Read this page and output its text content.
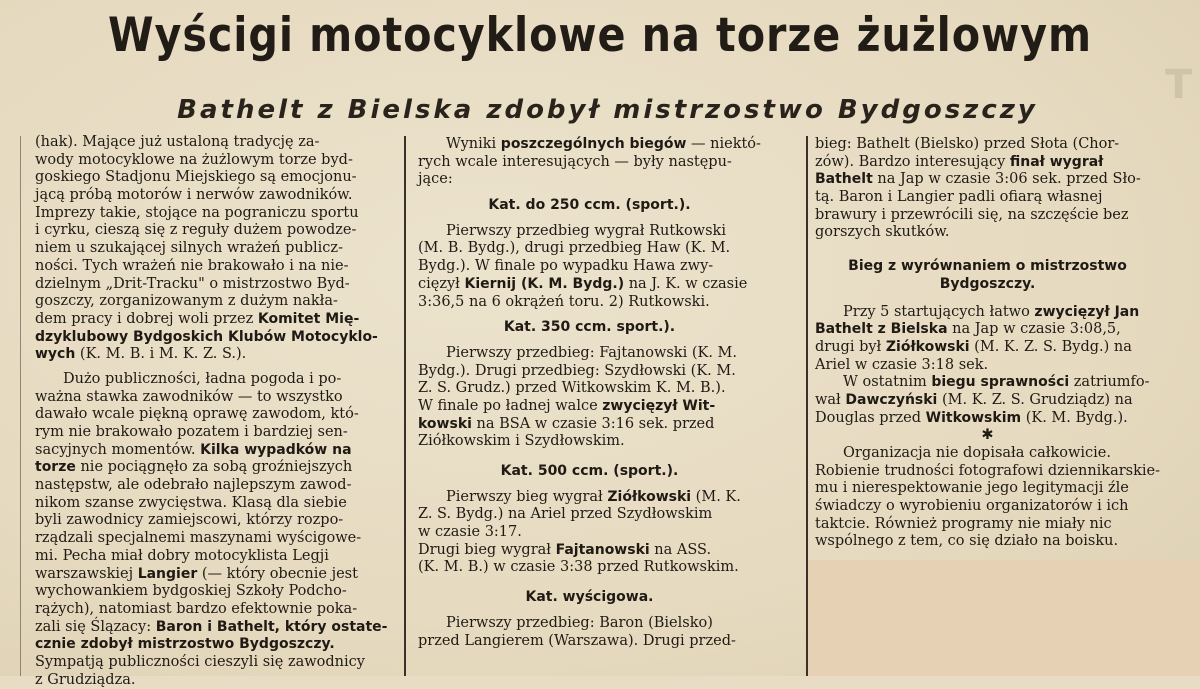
T
Wyścigi motocyklowe na torze żużlowym
Bathelt z Bielska zdobył mistrzostwo Bydgoszczy
(hak). Mające już ustaloną tradycję za-
wody motocyklowe na żużlowym torze byd-
goskiego Stadjonu Miejskiego są emocjonu-
jącą próbą motorów i nerwów zawodników.
Imprezy takie, stojące na pograniczu sportu
i cyrku, cieszą się z reguły dużem powodze-
niem u szukającej silnych wrażeń publicz-
ności. Tych wrażeń nie brakowało i na nie-
dzielnym „Drit-Tracku" o mistrzostwo Byd-
goszczy, zorganizowanym z dużym nakła-
dem pracy i dobrej woli przez Komitet Mię-
dzyklubowy Bydgoskich Klubów Motocyklo-
wych (K. M. B. i M. K. Z. S.).
Dużo publiczności, ładna pogoda i po-
ważna stawka zawodników — to wszystko
dawało wcale piękną oprawę zawodom, któ-
rym nie brakowało pozatem i bardziej sen-
sacyjnych momentów. Kilka wypadków na
torze nie pociągnęło za sobą groźniejszych
następstw, ale odebrało najlepszym zawod-
nikom szanse zwycięstwa. Klasą dla siebie
byli zawodnicy zamiejscowi, którzy rozpo-
rządzali specjalnemi maszynami wyścigowe-
mi. Pecha miał dobry motocyklista Legji
warszawskiej Langier (— który obecnie jest
wychowankiem bydgoskiej Szkoły Podcho-
rążych), natomiast bardzo efektownie poka-
zali się Ślązacy: Baron i Bathelt, który ostate-
cznie zdobył mistrzostwo Bydgoszczy.
Sympatją publiczności cieszyli się zawodnicy
z Grudziądza.
Wyniki poszczególnych biegów — niektó-
rych wcale interesujących — były następu-
jące:
Kat. do 250 ccm. (sport.).
Pierwszy przedbieg wygrał Rutkowski
(M. B. Bydg.), drugi przedbieg Haw (K. M.
Bydg.). W finale po wypadku Hawa zwy-
cięzył Kiernij (K. M. Bydg.) na J. K. w czasie
3:36,5 na 6 okrążeń toru. 2) Rutkowski.
Kat. 350 ccm. sport.).
Pierwszy przedbieg: Fajtanowski (K. M.
Bydg.). Drugi przedbieg: Szydłowski (K. M.
Z. S. Grudz.) przed Witkowskim K. M. B.).
W finale po ładnej walce zwycięzył Wit-
kowski na BSA w czasie 3:16 sek. przed
Ziółkowskim i Szydłowskim.
Kat. 500 ccm. (sport.).
Pierwszy bieg wygrał Ziółkowski (M. K.
Z. S. Bydg.) na Ariel przed Szydłowskim
w czasie 3:17.
Drugi bieg wygrał Fajtanowski na ASS.
(K. M. B.) w czasie 3:38 przed Rutkowskim.
Kat. wyścigowa.
Pierwszy przedbieg: Baron (Bielsko)
przed Langierem (Warszawa). Drugi przed-
bieg: Bathelt (Bielsko) przed Słota (Chor-
zów). Bardzo interesujący finał wygrał
Bathelt na Jap w czasie 3:06 sek. przed Sło-
tą. Baron i Langier padli ofiarą własnej
brawury i przewrócili się, na szczęście bez
gorszych skutków.
Bieg z wyrównaniem o mistrzostwo
Bydgoszczy.
Przy 5 startujących łatwo zwycięzył Jan
Bathelt z Bielska na Jap w czasie 3:08,5,
drugi był Ziółkowski (M. K. Z. S. Bydg.) na
Ariel w czasie 3:18 sek.
W ostatnim biegu sprawności zatriumfo-
wał Dawczyński (M. K. Z. S. Grudziądz) na
Douglas przed Witkowskim (K. M. Bydg.).
✱
Organizacja nie dopisała całkowicie.
Robienie trudności fotografowi dziennikarskie-
mu i nierespektowanie jego legitymacji źle
świadczy o wyrobieniu organizatorów i ich
taktcie. Również programy nie miały nic
wspólnego z tem, co się działo na boisku.
